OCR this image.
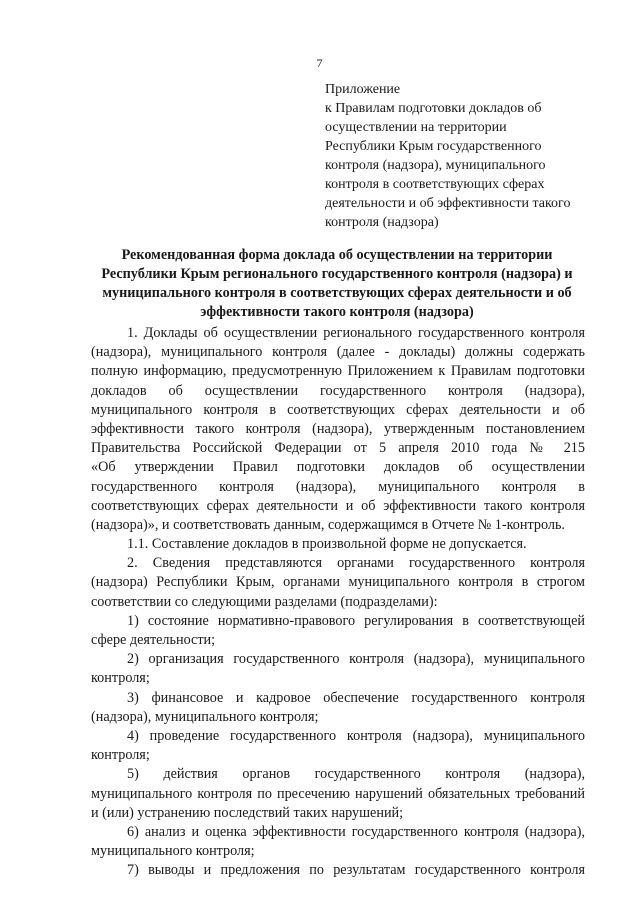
7
Приложение
к Правилам подготовки докладов об
осуществлении на территории
Республики Крым государственного
контроля (надзора), муниципального
контроля в соответствующих сферах
деятельности и об эффективности такого
контроля (надзора)
Рекомендованная форма доклада об осуществлении на территории
Республики Крым регионального государственного контроля (надзора) и
муниципального контроля в соответствующих сферах деятельности и об
эффективности такого контроля (надзора)
1. Доклады об осуществлении регионального государственного контроля
(надзора), муниципального контроля (далее - доклады) должны содержать
полную информацию, предусмотренную Приложением к Правилам подготовки
докладов об осуществлении государственного контроля (надзора),
муниципального контроля в соответствующих сферах деятельности и об
эффективности такого контроля (надзора), утвержденным постановлением
Правительства Российской Федерации от 5 апреля 2010 года № 215
«Об утверждении Правил подготовки докладов об осуществлении
государственного контроля (надзора), муниципального контроля в
соответствующих сферах деятельности и об эффективности такого контроля
(надзора)», и соответствовать данным, содержащимся в Отчете № 1-контроль.
1.1. Составление докладов в произвольной форме не допускается.
2. Сведения представляются органами государственного контроля
(надзора) Республики Крым, органами муниципального контроля в строгом
соответствии со следующими разделами (подразделами):
1) состояние нормативно-правового регулирования в соответствующей
сфере деятельности;
2) организация государственного контроля (надзора), муниципального
контроля;
3) финансовое и кадровое обеспечение государственного контроля
(надзора), муниципального контроля;
4) проведение государственного контроля (надзора), муниципального
контроля;
5) действия органов государственного контроля (надзора),
муниципального контроля по пресечению нарушений обязательных требований
и (или) устранению последствий таких нарушений;
6) анализ и оценка эффективности государственного контроля (надзора),
муниципального контроля;
7) выводы и предложения по результатам государственного контроля
